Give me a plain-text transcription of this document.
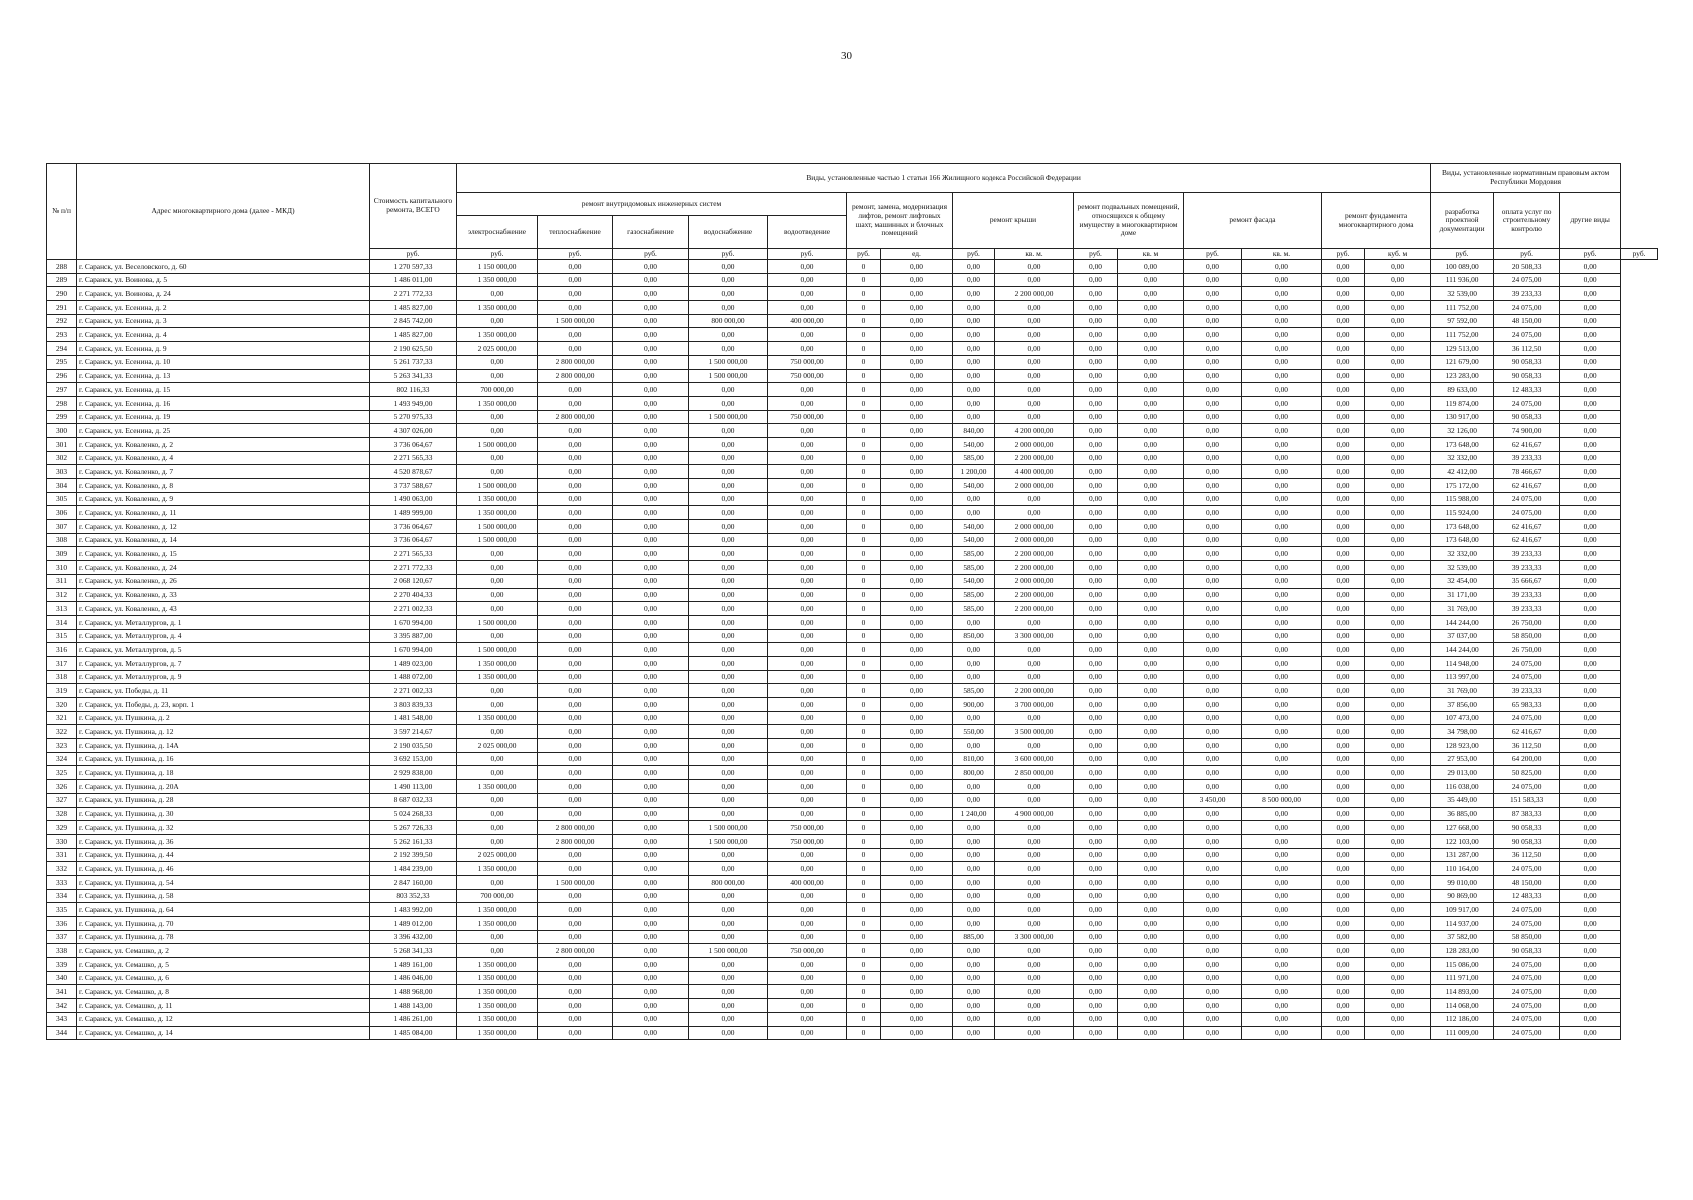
30
№ п/п	Адрес многоквартирного дома (далее - МКД)	Стоимость капитального ремонта, ВСЕГО	Виды, установленные частью 1 статьи 166 Жилищного кодекса Российской Федерации															Виды, установленные нормативным правовым актом Республики Мордовия			
			ремонт внутридомовых инженерных систем					ремонт, замена, модернизация лифтов, ремонт лифтовых шахт, машинных и блочных помещений		ремонт крыши		ремонт подвальных помещений, относящихся к общему имуществу в многоквартирном доме		ремонт фасада		ремонт фундамента многоквартирного дома		разработка проектной документации	оплата услуг по строительному контролю	другие виды	
			электроснабжение	теплоснабжение	газоснабжение	водоснабжение	водоотведение														
		руб.	руб.	руб.	руб.	руб.	руб.	руб.	ед.	руб.	кв. м.	руб.	кв. м	руб.	кв. м.	руб.	куб. м	руб.	руб.	руб.	руб.
288	г. Саранск, ул. Веселовского, д. 60	1 270 597,33	1 150 000,00	0,00	0,00	0,00	0,00	0	0,00	0,00	0,00	0,00	0,00	0,00	0,00	0,00	0,00	100 089,00	20 508,33	0,00	
289	г. Саранск, ул. Воинова, д. 5	1 486 011,00	1 350 000,00	0,00	0,00	0,00	0,00	0	0,00	0,00	0,00	0,00	0,00	0,00	0,00	0,00	0,00	111 936,00	24 075,00	0,00	
290	г. Саранск, ул. Воинова, д. 24	2 271 772,33	0,00	0,00	0,00	0,00	0,00	0	0,00	0,00	2 200 000,00	0,00	0,00	0,00	0,00	0,00	0,00	32 539,00	39 233,33	0,00	
291	г. Саранск, ул. Есенина, д. 2	1 485 827,00	1 350 000,00	0,00	0,00	0,00	0,00	0	0,00	0,00	0,00	0,00	0,00	0,00	0,00	0,00	0,00	111 752,00	24 075,00	0,00	
292	г. Саранск, ул. Есенина, д. 3	2 845 742,00	0,00	1 500 000,00	0,00	800 000,00	400 000,00	0	0,00	0,00	0,00	0,00	0,00	0,00	0,00	0,00	0,00	97 592,00	48 150,00	0,00	
293	г. Саранск, ул. Есенина, д. 4	1 485 827,00	1 350 000,00	0,00	0,00	0,00	0,00	0	0,00	0,00	0,00	0,00	0,00	0,00	0,00	0,00	0,00	111 752,00	24 075,00	0,00	
294	г. Саранск, ул. Есенина, д. 9	2 190 625,50	2 025 000,00	0,00	0,00	0,00	0,00	0	0,00	0,00	0,00	0,00	0,00	0,00	0,00	0,00	0,00	129 513,00	36 112,50	0,00	
295	г. Саранск, ул. Есенина, д. 10	5 261 737,33	0,00	2 800 000,00	0,00	1 500 000,00	750 000,00	0	0,00	0,00	0,00	0,00	0,00	0,00	0,00	0,00	0,00	121 679,00	90 058,33	0,00	
296	г. Саранск, ул. Есенина, д. 13	5 263 341,33	0,00	2 800 000,00	0,00	1 500 000,00	750 000,00	0	0,00	0,00	0,00	0,00	0,00	0,00	0,00	0,00	0,00	123 283,00	90 058,33	0,00	
297	г. Саранск, ул. Есенина, д. 15	802 116,33	700 000,00	0,00	0,00	0,00	0,00	0	0,00	0,00	0,00	0,00	0,00	0,00	0,00	0,00	0,00	89 633,00	12 483,33	0,00	
298	г. Саранск, ул. Есенина, д. 16	1 493 949,00	1 350 000,00	0,00	0,00	0,00	0,00	0	0,00	0,00	0,00	0,00	0,00	0,00	0,00	0,00	0,00	119 874,00	24 075,00	0,00	
299	г. Саранск, ул. Есенина, д. 19	5 270 975,33	0,00	2 800 000,00	0,00	1 500 000,00	750 000,00	0	0,00	0,00	0,00	0,00	0,00	0,00	0,00	0,00	0,00	130 917,00	90 058,33	0,00	
300	г. Саранск, ул. Есенина, д. 25	4 307 026,00	0,00	0,00	0,00	0,00	0,00	0	0,00	840,00	4 200 000,00	0,00	0,00	0,00	0,00	0,00	0,00	32 126,00	74 900,00	0,00	
301	г. Саранск, ул. Коваленко, д. 2	3 736 064,67	1 500 000,00	0,00	0,00	0,00	0,00	0	0,00	540,00	2 000 000,00	0,00	0,00	0,00	0,00	0,00	0,00	173 648,00	62 416,67	0,00	
302	г. Саранск, ул. Коваленко, д. 4	2 271 565,33	0,00	0,00	0,00	0,00	0,00	0	0,00	585,00	2 200 000,00	0,00	0,00	0,00	0,00	0,00	0,00	32 332,00	39 233,33	0,00	
303	г. Саранск, ул. Коваленко, д. 7	4 520 878,67	0,00	0,00	0,00	0,00	0,00	0	0,00	1 200,00	4 400 000,00	0,00	0,00	0,00	0,00	0,00	0,00	42 412,00	78 466,67	0,00	
304	г. Саранск, ул. Коваленко, д. 8	3 737 588,67	1 500 000,00	0,00	0,00	0,00	0,00	0	0,00	540,00	2 000 000,00	0,00	0,00	0,00	0,00	0,00	0,00	175 172,00	62 416,67	0,00	
305	г. Саранск, ул. Коваленко, д. 9	1 490 063,00	1 350 000,00	0,00	0,00	0,00	0,00	0	0,00	0,00	0,00	0,00	0,00	0,00	0,00	0,00	0,00	115 988,00	24 075,00	0,00	
306	г. Саранск, ул. Коваленко, д. 11	1 489 999,00	1 350 000,00	0,00	0,00	0,00	0,00	0	0,00	0,00	0,00	0,00	0,00	0,00	0,00	0,00	0,00	115 924,00	24 075,00	0,00	
307	г. Саранск, ул. Коваленко, д. 12	3 736 064,67	1 500 000,00	0,00	0,00	0,00	0,00	0	0,00	540,00	2 000 000,00	0,00	0,00	0,00	0,00	0,00	0,00	173 648,00	62 416,67	0,00	
308	г. Саранск, ул. Коваленко, д. 14	3 736 064,67	1 500 000,00	0,00	0,00	0,00	0,00	0	0,00	540,00	2 000 000,00	0,00	0,00	0,00	0,00	0,00	0,00	173 648,00	62 416,67	0,00	
309	г. Саранск, ул. Коваленко, д. 15	2 271 565,33	0,00	0,00	0,00	0,00	0,00	0	0,00	585,00	2 200 000,00	0,00	0,00	0,00	0,00	0,00	0,00	32 332,00	39 233,33	0,00	
310	г. Саранск, ул. Коваленко, д. 24	2 271 772,33	0,00	0,00	0,00	0,00	0,00	0	0,00	585,00	2 200 000,00	0,00	0,00	0,00	0,00	0,00	0,00	32 539,00	39 233,33	0,00	
311	г. Саранск, ул. Коваленко, д. 26	2 068 120,67	0,00	0,00	0,00	0,00	0,00	0	0,00	540,00	2 000 000,00	0,00	0,00	0,00	0,00	0,00	0,00	32 454,00	35 666,67	0,00	
312	г. Саранск, ул. Коваленко, д. 33	2 270 404,33	0,00	0,00	0,00	0,00	0,00	0	0,00	585,00	2 200 000,00	0,00	0,00	0,00	0,00	0,00	0,00	31 171,00	39 233,33	0,00	
313	г. Саранск, ул. Коваленко, д. 43	2 271 002,33	0,00	0,00	0,00	0,00	0,00	0	0,00	585,00	2 200 000,00	0,00	0,00	0,00	0,00	0,00	0,00	31 769,00	39 233,33	0,00	
314	г. Саранск, ул. Металлургов, д. 1	1 670 994,00	1 500 000,00	0,00	0,00	0,00	0,00	0	0,00	0,00	0,00	0,00	0,00	0,00	0,00	0,00	0,00	144 244,00	26 750,00	0,00	
315	г. Саранск, ул. Металлургов, д. 4	3 395 887,00	0,00	0,00	0,00	0,00	0,00	0	0,00	850,00	3 300 000,00	0,00	0,00	0,00	0,00	0,00	0,00	37 037,00	58 850,00	0,00	
316	г. Саранск, ул. Металлургов, д. 5	1 670 994,00	1 500 000,00	0,00	0,00	0,00	0,00	0	0,00	0,00	0,00	0,00	0,00	0,00	0,00	0,00	0,00	144 244,00	26 750,00	0,00	
317	г. Саранск, ул. Металлургов, д. 7	1 489 023,00	1 350 000,00	0,00	0,00	0,00	0,00	0	0,00	0,00	0,00	0,00	0,00	0,00	0,00	0,00	0,00	114 948,00	24 075,00	0,00	
318	г. Саранск, ул. Металлургов, д. 9	1 488 072,00	1 350 000,00	0,00	0,00	0,00	0,00	0	0,00	0,00	0,00	0,00	0,00	0,00	0,00	0,00	0,00	113 997,00	24 075,00	0,00	
319	г. Саранск, ул. Победы, д. 11	2 271 002,33	0,00	0,00	0,00	0,00	0,00	0	0,00	585,00	2 200 000,00	0,00	0,00	0,00	0,00	0,00	0,00	31 769,00	39 233,33	0,00	
320	г. Саранск, ул. Победы, д. 23, корп. 1	3 803 839,33	0,00	0,00	0,00	0,00	0,00	0	0,00	900,00	3 700 000,00	0,00	0,00	0,00	0,00	0,00	0,00	37 856,00	65 983,33	0,00	
321	г. Саранск, ул. Пушкина, д. 2	1 481 548,00	1 350 000,00	0,00	0,00	0,00	0,00	0	0,00	0,00	0,00	0,00	0,00	0,00	0,00	0,00	0,00	107 473,00	24 075,00	0,00	
322	г. Саранск, ул. Пушкина, д. 12	3 597 214,67	0,00	0,00	0,00	0,00	0,00	0	0,00	550,00	3 500 000,00	0,00	0,00	0,00	0,00	0,00	0,00	34 798,00	62 416,67	0,00	
323	г. Саранск, ул. Пушкина, д. 14А	2 190 035,50	2 025 000,00	0,00	0,00	0,00	0,00	0	0,00	0,00	0,00	0,00	0,00	0,00	0,00	0,00	0,00	128 923,00	36 112,50	0,00	
324	г. Саранск, ул. Пушкина, д. 16	3 692 153,00	0,00	0,00	0,00	0,00	0,00	0	0,00	810,00	3 600 000,00	0,00	0,00	0,00	0,00	0,00	0,00	27 953,00	64 200,00	0,00	
325	г. Саранск, ул. Пушкина, д. 18	2 929 838,00	0,00	0,00	0,00	0,00	0,00	0	0,00	800,00	2 850 000,00	0,00	0,00	0,00	0,00	0,00	0,00	29 013,00	50 825,00	0,00	
326	г. Саранск, ул. Пушкина, д. 20А	1 490 113,00	1 350 000,00	0,00	0,00	0,00	0,00	0	0,00	0,00	0,00	0,00	0,00	0,00	0,00	0,00	0,00	116 038,00	24 075,00	0,00	
327	г. Саранск, ул. Пушкина, д. 28	8 687 032,33	0,00	0,00	0,00	0,00	0,00	0	0,00	0,00	0,00	0,00	0,00	3 450,00	8 500 000,00	0,00	0,00	35 449,00	151 583,33	0,00	
328	г. Саранск, ул. Пушкина, д. 30	5 024 268,33	0,00	0,00	0,00	0,00	0,00	0	0,00	1 240,00	4 900 000,00	0,00	0,00	0,00	0,00	0,00	0,00	36 885,00	87 383,33	0,00	
329	г. Саранск, ул. Пушкина, д. 32	5 267 726,33	0,00	2 800 000,00	0,00	1 500 000,00	750 000,00	0	0,00	0,00	0,00	0,00	0,00	0,00	0,00	0,00	0,00	127 668,00	90 058,33	0,00	
330	г. Саранск, ул. Пушкина, д. 36	5 262 161,33	0,00	2 800 000,00	0,00	1 500 000,00	750 000,00	0	0,00	0,00	0,00	0,00	0,00	0,00	0,00	0,00	0,00	122 103,00	90 058,33	0,00	
331	г. Саранск, ул. Пушкина, д. 44	2 192 399,50	2 025 000,00	0,00	0,00	0,00	0,00	0	0,00	0,00	0,00	0,00	0,00	0,00	0,00	0,00	0,00	131 287,00	36 112,50	0,00	
332	г. Саранск, ул. Пушкина, д. 46	1 484 239,00	1 350 000,00	0,00	0,00	0,00	0,00	0	0,00	0,00	0,00	0,00	0,00	0,00	0,00	0,00	0,00	110 164,00	24 075,00	0,00	
333	г. Саранск, ул. Пушкина, д. 54	2 847 160,00	0,00	1 500 000,00	0,00	800 000,00	400 000,00	0	0,00	0,00	0,00	0,00	0,00	0,00	0,00	0,00	0,00	99 010,00	48 150,00	0,00	
334	г. Саранск, ул. Пушкина, д. 58	803 352,33	700 000,00	0,00	0,00	0,00	0,00	0	0,00	0,00	0,00	0,00	0,00	0,00	0,00	0,00	0,00	90 869,00	12 483,33	0,00	
335	г. Саранск, ул. Пушкина, д. 64	1 483 992,00	1 350 000,00	0,00	0,00	0,00	0,00	0	0,00	0,00	0,00	0,00	0,00	0,00	0,00	0,00	0,00	109 917,00	24 075,00	0,00	
336	г. Саранск, ул. Пушкина, д. 70	1 489 012,00	1 350 000,00	0,00	0,00	0,00	0,00	0	0,00	0,00	0,00	0,00	0,00	0,00	0,00	0,00	0,00	114 937,00	24 075,00	0,00	
337	г. Саранск, ул. Пушкина, д. 78	3 396 432,00	0,00	0,00	0,00	0,00	0,00	0	0,00	885,00	3 300 000,00	0,00	0,00	0,00	0,00	0,00	0,00	37 582,00	58 850,00	0,00	
338	г. Саранск, ул. Семашко, д. 2	5 268 341,33	0,00	2 800 000,00	0,00	1 500 000,00	750 000,00	0	0,00	0,00	0,00	0,00	0,00	0,00	0,00	0,00	0,00	128 283,00	90 058,33	0,00	
339	г. Саранск, ул. Семашко, д. 5	1 489 161,00	1 350 000,00	0,00	0,00	0,00	0,00	0	0,00	0,00	0,00	0,00	0,00	0,00	0,00	0,00	0,00	115 086,00	24 075,00	0,00	
340	г. Саранск, ул. Семашко, д. 6	1 486 046,00	1 350 000,00	0,00	0,00	0,00	0,00	0	0,00	0,00	0,00	0,00	0,00	0,00	0,00	0,00	0,00	111 971,00	24 075,00	0,00	
341	г. Саранск, ул. Семашко, д. 8	1 488 968,00	1 350 000,00	0,00	0,00	0,00	0,00	0	0,00	0,00	0,00	0,00	0,00	0,00	0,00	0,00	0,00	114 893,00	24 075,00	0,00	
342	г. Саранск, ул. Семашко, д. 11	1 488 143,00	1 350 000,00	0,00	0,00	0,00	0,00	0	0,00	0,00	0,00	0,00	0,00	0,00	0,00	0,00	0,00	114 068,00	24 075,00	0,00	
343	г. Саранск, ул. Семашко, д. 12	1 486 261,00	1 350 000,00	0,00	0,00	0,00	0,00	0	0,00	0,00	0,00	0,00	0,00	0,00	0,00	0,00	0,00	112 186,00	24 075,00	0,00	
344	г. Саранск, ул. Семашко, д. 14	1 485 084,00	1 350 000,00	0,00	0,00	0,00	0,00	0	0,00	0,00	0,00	0,00	0,00	0,00	0,00	0,00	0,00	111 009,00	24 075,00	0,00	
